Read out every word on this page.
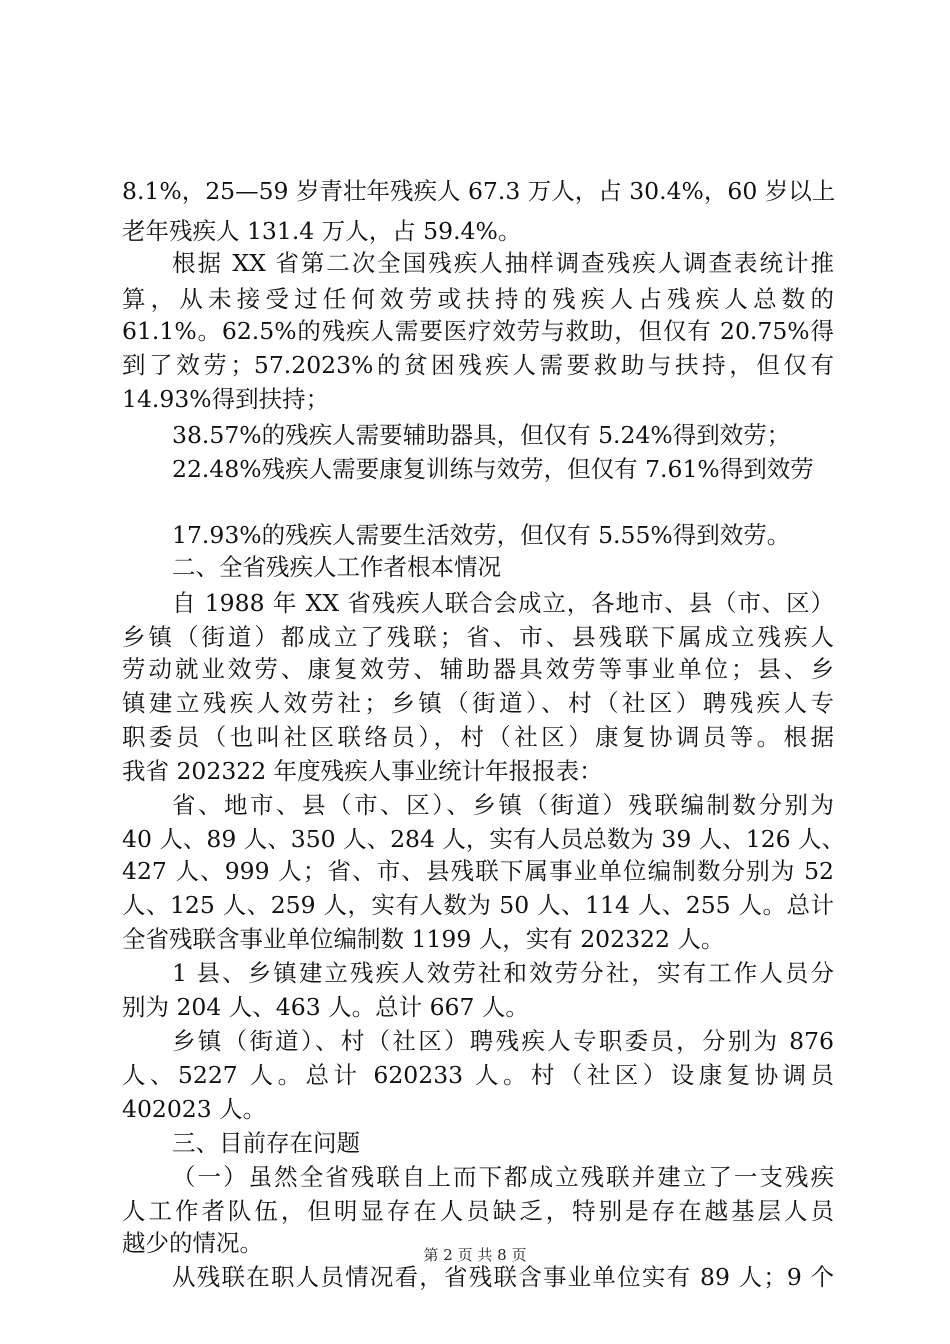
8.1%，25—59 岁青壮年残疾人 67.3 万人，占 30.4%，60 岁以上
老年残疾人 131.4 万人，占 59.4%。
根据 XX 省第二次全国残疾人抽样调查残疾人调查表统计推
算，从未接受过任何效劳或扶持的残疾人占残疾人总数的
61.1%。62.5%的残疾人需要医疗效劳与救助，但仅有 20.75%得
到了效劳；57.2023%的贫困残疾人需要救助与扶持，但仅有
14.93%得到扶持；
38.57%的残疾人需要辅助器具，但仅有 5.24%得到效劳；
22.48%残疾人需要康复训练与效劳，但仅有 7.61%得到效劳
17.93%的残疾人需要生活效劳，但仅有 5.55%得到效劳。
二、全省残疾人工作者根本情况
自 1988 年 XX 省残疾人联合会成立，各地市、县（市、区）
乡镇（街道）都成立了残联；省、市、县残联下属成立残疾人
劳动就业效劳、康复效劳、辅助器具效劳等事业单位；县、乡
镇建立残疾人效劳社；乡镇（街道）、村（社区）聘残疾人专
职委员（也叫社区联络员），村（社区）康复协调员等。根据
我省 202322 年度残疾人事业统计年报报表：
省、地市、县（市、区）、乡镇（街道）残联编制数分别为
40 人、89 人、350 人、284 人，实有人员总数为 39 人、126 人、
427 人、999 人；省、市、县残联下属事业单位编制数分别为 52
人、125 人、259 人，实有人数为 50 人、114 人、255 人。总计
全省残联含事业单位编制数 1199 人，实有 202322 人。
1 县、乡镇建立残疾人效劳社和效劳分社，实有工作人员分
别为 204 人、463 人。总计 667 人。
乡镇（街道）、村（社区）聘残疾人专职委员，分别为 876
人、5227 人。总计 620233 人。村（社区）设康复协调员
402023 人。
三、目前存在问题
（一）虽然全省残联自上而下都成立残联并建立了一支残疾
人工作者队伍，但明显存在人员缺乏，特别是存在越基层人员
越少的情况。
从残联在职人员情况看，省残联含事业单位实有 89 人；9 个
第 2 页 共 8 页
